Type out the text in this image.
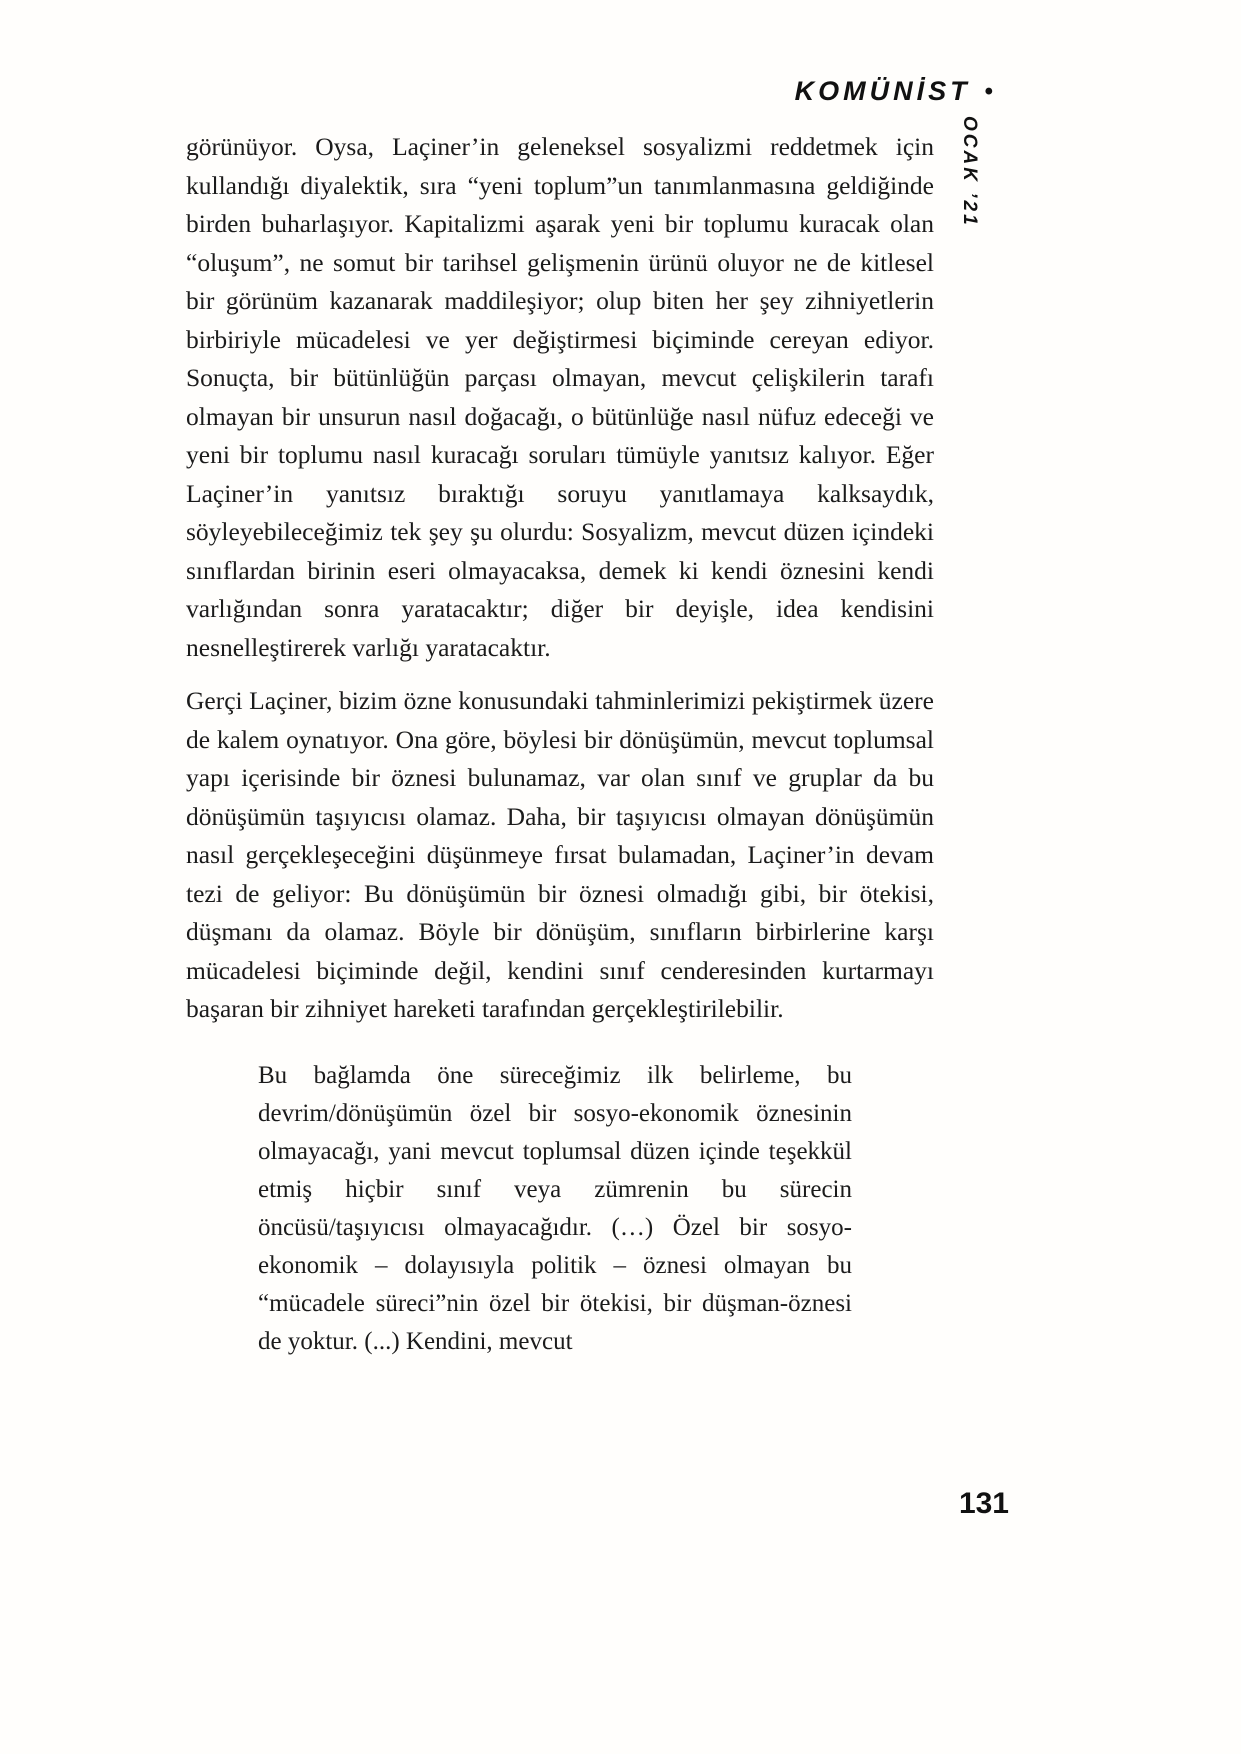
KOMÜNİST •
OCAK ’21

görünüyor. Oysa, Laçiner’in geleneksel sosyalizmi reddetmek için kullandığı diyalektik, sıra “yeni toplum”un tanımlanmasına geldiğinde birden buharlaşıyor. Kapitalizmi aşarak yeni bir toplumu kuracak olan “oluşum”, ne somut bir tarihsel gelişmenin ürünü oluyor ne de kitlesel bir görünüm kazanarak maddileşiyor; olup biten her şey zihniyetlerin birbiriyle mücadelesi ve yer değiştirmesi biçiminde cereyan ediyor. Sonuçta, bir bütünlüğün parçası olmayan, mevcut çelişkilerin tarafı olmayan bir unsurun nasıl doğacağı, o bütünlüğe nasıl nüfuz edeceği ve yeni bir toplumu nasıl kuracağı soruları tümüyle yanıtsız kalıyor. Eğer Laçiner’in yanıtsız bıraktığı soruyu yanıtlamaya kalksaydık, söyleyebileceğimiz tek şey şu olurdu: Sosyalizm, mevcut düzen içindeki sınıflardan birinin eseri olmayacaksa, demek ki kendi öznesini kendi varlığından sonra yaratacaktır; diğer bir deyişle, idea kendisini nesnelleştirerek varlığı yaratacaktır.

Gerçi Laçiner, bizim özne konusundaki tahminlerimizi pekiştirmek üzere de kalem oynatıyor. Ona göre, böylesi bir dönüşümün, mevcut toplumsal yapı içerisinde bir öznesi bulunamaz, var olan sınıf ve gruplar da bu dönüşümün taşıyıcısı olamaz. Daha, bir taşıyıcısı olmayan dönüşümün nasıl gerçekleşeceğini düşünmeye fırsat bulamadan, Laçiner’in devam tezi de geliyor: Bu dönüşümün bir öznesi olmadığı gibi, bir ötekisi, düşmanı da olamaz. Böyle bir dönüşüm, sınıfların birbirlerine karşı mücadelesi biçiminde değil, kendini sınıf cenderesinden kurtarmayı başaran bir zihniyet hareketi tarafından gerçekleştirilebilir.

Bu bağlamda öne süreceğimiz ilk belirleme, bu devrim/dönüşümün özel bir sosyo-ekonomik öznesinin olmayacağı, yani mevcut toplumsal düzen içinde teşekkül etmiş hiçbir sınıf veya zümrenin bu sürecin öncüsü/taşıyıcısı olmayacağıdır. (…) Özel bir sosyo-ekonomik – dolayısıyla politik – öznesi olmayan bu “mücadele süreci”nin özel bir ötekisi, bir düşman-öznesi de yoktur. (...) Kendini, mevcut
131
